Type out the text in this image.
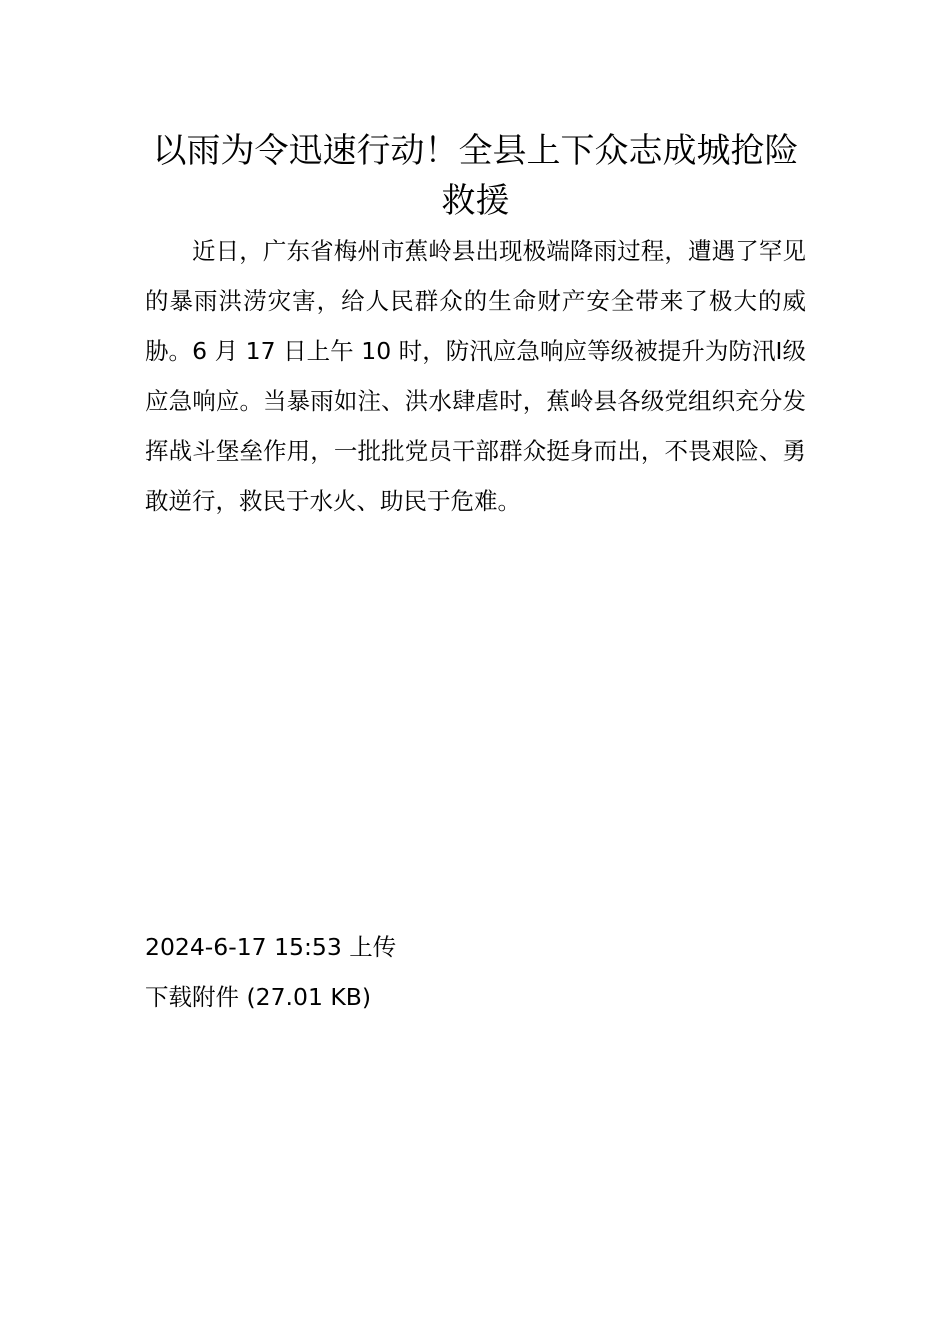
以雨为令迅速行动！全县上下众志成城抢险救援

近日，广东省梅州市蕉岭县出现极端降雨过程，遭遇了罕见的暴雨洪涝灾害，给人民群众的生命财产安全带来了极大的威胁。6 月 17 日上午 10 时，防汛应急响应等级被提升为防汛Ⅰ级应急响应。当暴雨如注、洪水肆虐时，蕉岭县各级党组织充分发挥战斗堡垒作用，一批批党员干部群众挺身而出，不畏艰险、勇敢逆行，救民于水火、助民于危难。

2024-6-17 15:53 上传
下载附件 (27.01 KB)
